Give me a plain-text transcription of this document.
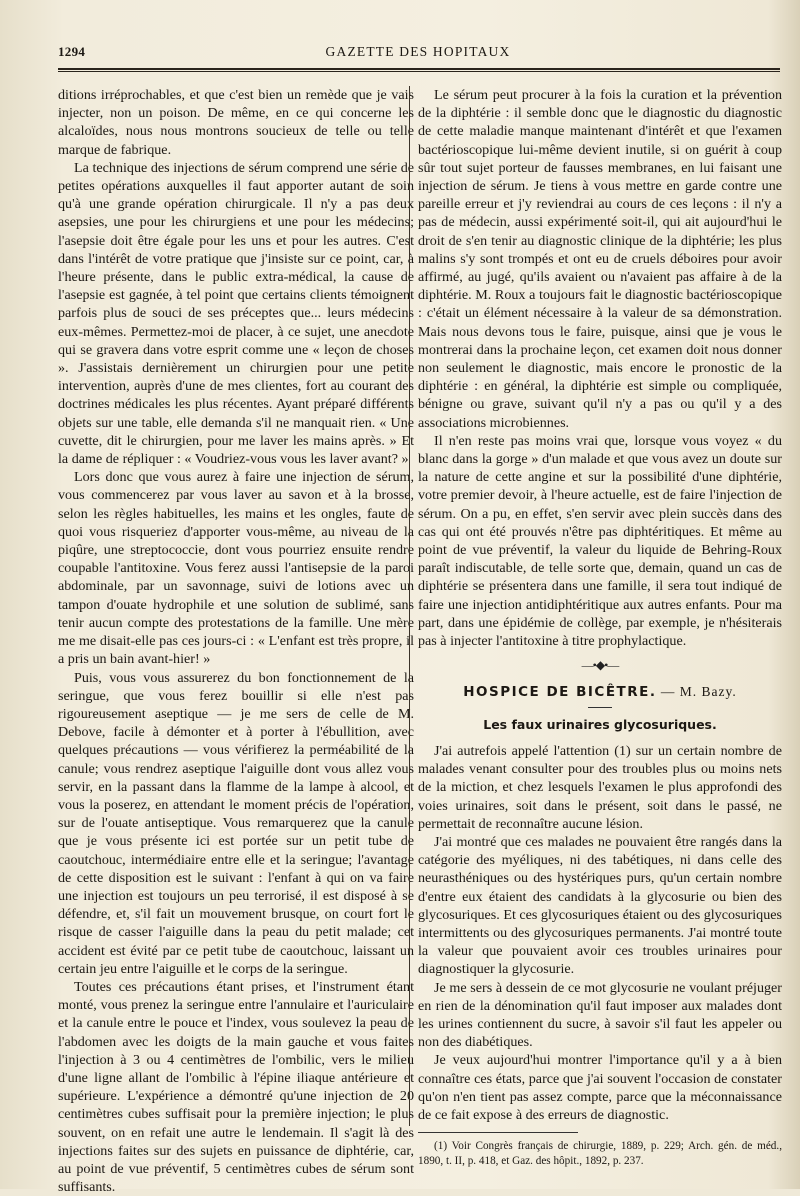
1294	GAZETTE DES HOPITAUX

ditions irréprochables, et que c'est bien un remède que je vais injecter, non un poison. De même, en ce qui concerne les alcaloïdes, nous nous montrons soucieux de telle ou telle marque de fabrique.

La technique des injections de sérum comprend une série de petites opérations auxquelles il faut apporter autant de soin qu'à une grande opération chirurgicale. Il n'y a pas deux asepsies, une pour les chirurgiens et une pour les médecins; l'asepsie doit être égale pour les uns et pour les autres. C'est dans l'intérêt de votre pratique que j'insiste sur ce point, car, à l'heure présente, dans le public extra-médical, la cause de l'asepsie est gagnée, à tel point que certains clients témoignent parfois plus de souci de ses préceptes que... leurs médecins eux-mêmes. Permettez-moi de placer, à ce sujet, une anecdote qui se gravera dans votre esprit comme une « leçon de choses ». J'assistais dernièrement un chirurgien pour une petite intervention, auprès d'une de mes clientes, fort au courant des doctrines médicales les plus récentes. Ayant préparé différents objets sur une table, elle demanda s'il ne manquait rien. « Une cuvette, dit le chirurgien, pour me laver les mains après. » Et la dame de répliquer : « Voudriez-vous vous les laver avant? »

Lors donc que vous aurez à faire une injection de sérum, vous commencerez par vous laver au savon et à la brosse, selon les règles habituelles, les mains et les ongles, faute de quoi vous risqueriez d'apporter vous-même, au niveau de la piqûre, une streptococcie, dont vous pourriez ensuite rendre coupable l'antitoxine. Vous ferez aussi l'antisepsie de la paroi abdominale, par un savonnage, suivi de lotions avec un tampon d'ouate hydrophile et une solution de sublimé, sans tenir aucun compte des protestations de la famille. Une mère me me disait-elle pas ces jours-ci : « L'enfant est très propre, il a pris un bain avant-hier! »

Puis, vous vous assurerez du bon fonctionnement de la seringue, que vous ferez bouillir si elle n'est pas rigoureusement aseptique — je me sers de celle de M. Debove, facile à démonter et à porter à l'ébullition, avec quelques précautions — vous vérifierez la perméabilité de la canule; vous rendrez aseptique l'aiguille dont vous allez vous servir, en la passant dans la flamme de la lampe à alcool, et vous la poserez, en attendant le moment précis de l'opération, sur de l'ouate antiseptique. Vous remarquerez que la canule que je vous présente ici est portée sur un petit tube de caoutchouc, intermédiaire entre elle et la seringue; l'avantage de cette disposition est le suivant : l'enfant à qui on va faire une injection est toujours un peu terrorisé, il est disposé à se défendre, et, s'il fait un mouvement brusque, on court fort le risque de casser l'aiguille dans la peau du petit malade; cet accident est évité par ce petit tube de caoutchouc, laissant un certain jeu entre l'aiguille et le corps de la seringue.

Toutes ces précautions étant prises, et l'instrument étant monté, vous prenez la seringue entre l'annulaire et l'auriculaire et la canule entre le pouce et l'index, vous soulevez la peau de l'abdomen avec les doigts de la main gauche et vous faites l'injection à 3 ou 4 centimètres de l'ombilic, vers le milieu d'une ligne allant de l'ombilic à l'épine iliaque antérieure et supérieure. L'expérience a démontré qu'une injection de 20 centimètres cubes suffisait pour la première injection; le plus souvent, on en refait une autre le lendemain. Il s'agit là des injections faites sur des sujets en puissance de diphtérie, car, au point de vue préventif, 5 centimètres cubes de sérum sont suffisants.

Le sérum peut procurer à la fois la curation et la prévention de la diphtérie : il semble donc que le diagnostic du diagnostic de cette maladie manque maintenant d'intérêt et que l'examen bactérioscopique lui-même devient inutile, si on guérit à coup sûr tout sujet porteur de fausses membranes, en lui faisant une injection de sérum. Je tiens à vous mettre en garde contre une pareille erreur et j'y reviendrai au cours de ces leçons : il n'y a pas de médecin, aussi expérimenté soit-il, qui ait aujourd'hui le droit de s'en tenir au diagnostic clinique de la diphtérie; les plus malins s'y sont trompés et ont eu de cruels déboires pour avoir affirmé, au jugé, qu'ils avaient ou n'avaient pas affaire à de la diphtérie. M. Roux a toujours fait le diagnostic bactérioscopique : c'était un élément nécessaire à la valeur de sa démonstration. Mais nous devons tous le faire, puisque, ainsi que je vous le montrerai dans la prochaine leçon, cet examen doit nous donner non seulement le diagnostic, mais encore le pronostic de la diphtérie : en général, la diphtérie est simple ou compliquée, bénigne ou grave, suivant qu'il n'y a pas ou qu'il y a des associations microbiennes.

Il n'en reste pas moins vrai que, lorsque vous voyez « du blanc dans la gorge » d'un malade et que vous avez un doute sur la nature de cette angine et sur la possibilité d'une diphtérie, votre premier devoir, à l'heure actuelle, est de faire l'injection de sérum. On a pu, en effet, s'en servir avec plein succès dans des cas qui ont été prouvés n'être pas diphtéritiques. Et même au point de vue préventif, la valeur du liquide de Behring-Roux paraît indiscutable, de telle sorte que, demain, quand un cas de diphtérie se présentera dans une famille, il sera tout indiqué de faire une injection antidiphtéritique aux autres enfants. Pour ma part, dans une épidémie de collège, par exemple, je n'hésiterais pas à injecter l'antitoxine à titre prophylactique.

—•◆•—
HOSPICE DE BICÊTRE. — M. Bazy.
Les faux urinaires glycosuriques.

J'ai autrefois appelé l'attention (1) sur un certain nombre de malades venant consulter pour des troubles plus ou moins nets de la miction, et chez lesquels l'examen le plus approfondi des voies urinaires, soit dans le présent, soit dans le passé, ne permettait de reconnaître aucune lésion.

J'ai montré que ces malades ne pouvaient être rangés dans la catégorie des myéliques, ni des tabétiques, ni dans celle des neurasthéniques ou des hystériques purs, qu'un certain nombre d'entre eux étaient des candidats à la glycosurie ou bien des glycosuriques. Et ces glycosuriques étaient ou des glycosuriques intermittents ou des glycosuriques permanents. J'ai montré toute la valeur que pouvaient avoir ces troubles urinaires pour diagnostiquer la glycosurie.

Je me sers à dessein de ce mot glycosurie ne voulant préjuger en rien de la dénomination qu'il faut imposer aux malades dont les urines contiennent du sucre, à savoir s'il faut les appeler ou non des diabétiques.

Je veux aujourd'hui montrer l'importance qu'il y a à bien connaître ces états, parce que j'ai souvent l'occasion de constater qu'on n'en tient pas assez compte, parce que la méconnaissance de ce fait expose à des erreurs de diagnostic.

(1) Voir Congrès français de chirurgie, 1889, p. 229; Arch. gén. de méd., 1890, t. II, p. 418, et Gaz. des hôpit., 1892, p. 237.
